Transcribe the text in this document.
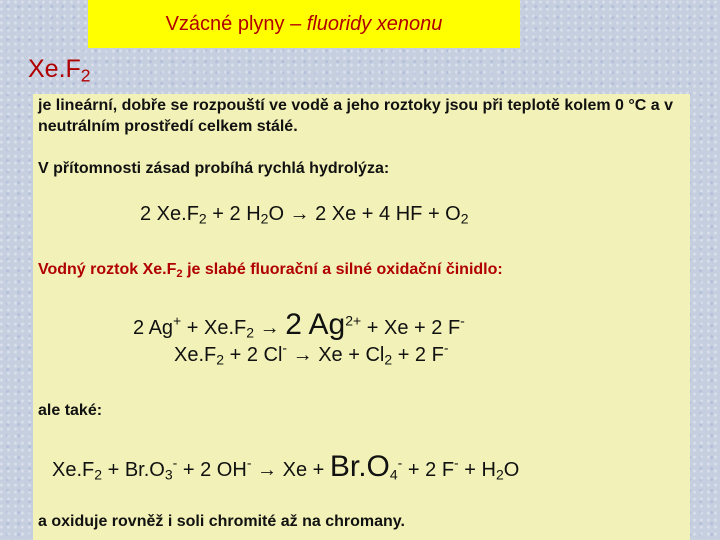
Vzácné plyny –
fluoridy xenonu
$Xe.F_2$
je lineární, dobře se rozpouští ve vodě a jeho roztoky jsou při teplotě kolem 0 °C a v neutrálním prostředí celkem stálé.
V přítomnosti zásad probíhá rychlá hydrolýza:
2 $Xe.F_2 + 2$ $H_2O \to 2$ Xe + 4 HF + $O_2$
Vodný roztok $Xe.F_2$ je slabé fluorační a silné oxidační činidlo:
2 $Ag^+ + Xe.F_2 \to 2$ $Ag^{2+} + Xe + 2$ F-
$Xe.F_2 + 2$ $Cl^- \to Xe + Cl_2 + 2$ F-
ale také:
$Xe.F_2 + Br.O_3^- + 2$ $OH^- \to Xe + Br.O_4^- + 2$ $F^- + H_2O$
a oxiduje rovněž i soli chromité až na chromany.
